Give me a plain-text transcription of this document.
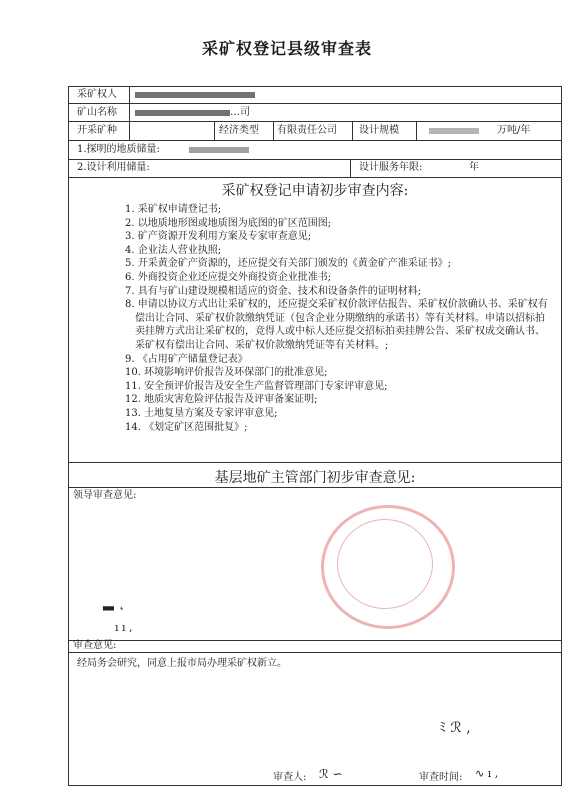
采矿权登记县级审查表
采矿权人
矿山名称	…司
开采矿种	经济类型 有限责任公司 设计规模	万吨/年
1.探明的地质储量:
2.设计利用储量:	设计服务年限:	年
采矿权登记申请初步审查内容:
1. 采矿权申请登记书;
2. 以地质地形图或地质图为底图的矿区范围图;
3. 矿产资源开发利用方案及专家审查意见;
4. 企业法人营业执照;
5. 开采黄金矿产资源的，还应提交有关部门颁发的《黄金矿产准采证书》;
6. 外商投资企业还应提交外商投资企业批准书;
7. 具有与矿山建设规模相适应的资金、技术和设备条件的证明材料;
8. 申请以协议方式出让采矿权的，还应提交采矿权价款评估报告、采矿权价款确认书、采矿权有偿出让合同、采矿权价款缴纳凭证（包含企业分期缴纳的承诺书）等有关材料。申请以招标拍卖挂牌方式出让采矿权的，竞得人或中标人还应提交招标拍卖挂牌公告、采矿权成交确认书、采矿权有偿出让合同、采矿权价款缴纳凭证等有关材料。;
9. 《占用矿产储量登记表》
10. 环境影响评价报告及环保部门的批准意见;
11. 安全预评价报告及安全生产监督管理部门专家评审意见;
12. 地质灾害危险评估报告及评审备案证明;
13. 土地复垦方案及专家评审意见;
14. 《划定矿区范围批复》;
基层地矿主管部门初步审查意见:
领导审查意见:
▂ ˛
ı ı ,
审查意见:
经局务会研究，同意上报市局办理采矿权新立。
ﾐ ℛ ‚
审查人: ℛ ∽	审查时间: ∿ ı ,
